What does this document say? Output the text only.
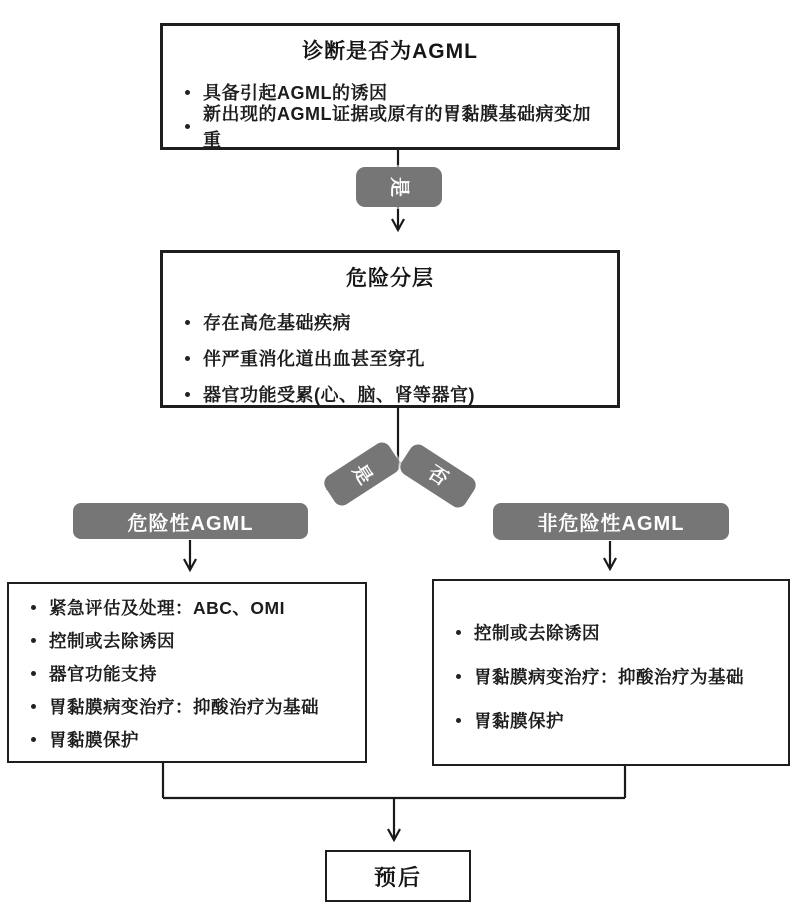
诊断是否为AGML
具备引起AGML的诱因
新出现的AGML证据或原有的胃黏膜基础病变加重
是
危险分层
存在高危基础疾病
伴严重消化道出血甚至穿孔
器官功能受累(心、脑、肾等器官)
是	否
危险性AGML	非危险性AGML
紧急评估及处理：ABC、OMI
控制或去除诱因
器官功能支持
胃黏膜病变治疗：抑酸治疗为基础
胃黏膜保护
控制或去除诱因
胃黏膜病变治疗：抑酸治疗为基础
胃黏膜保护
预后
